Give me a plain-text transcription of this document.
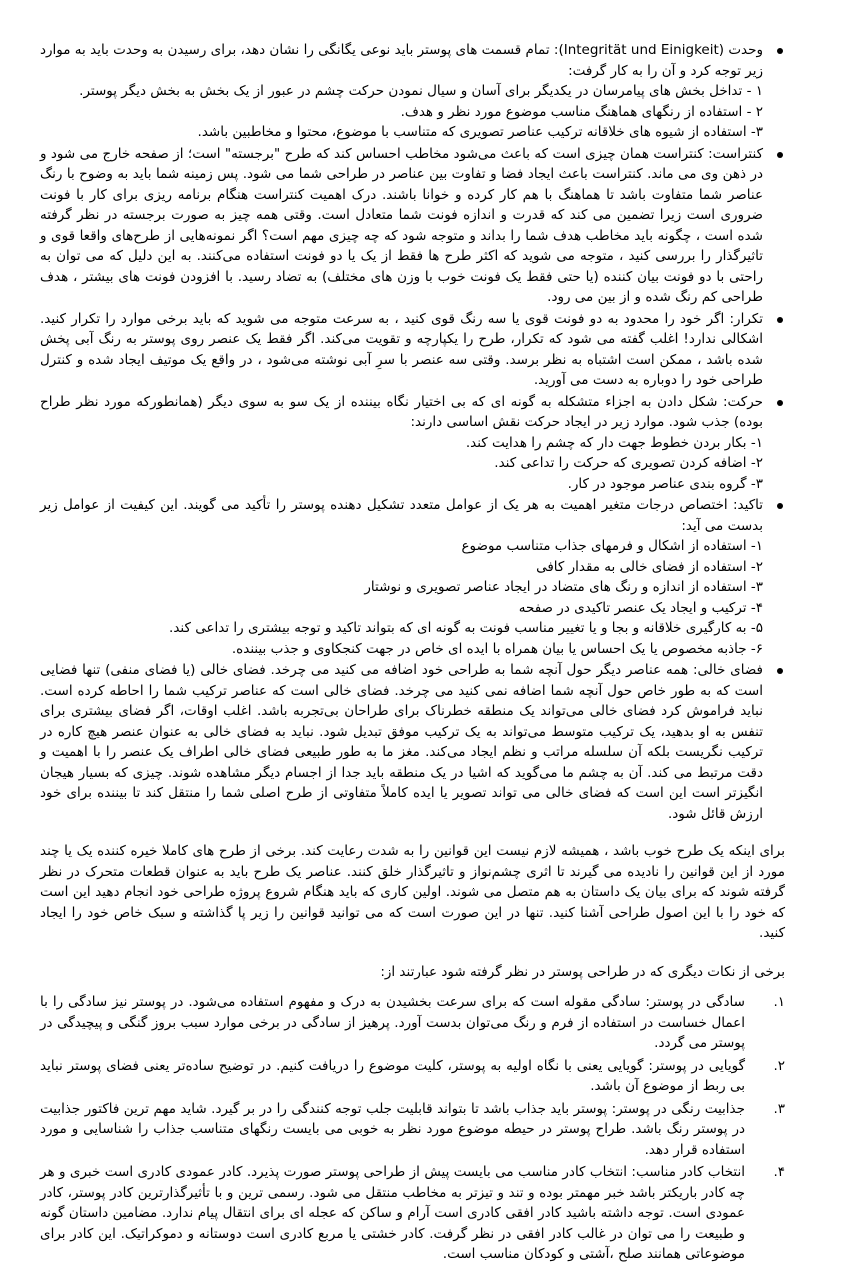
وحدت (Integrität und Einigkeit): تمام قسمت های پوستر باید نوعی یگانگی را نشان دهد، برای رسیدن به وحدت باید به موارد زیر توجه کرد و آن را به کار گرفت:
۱ - تداخل بخش های پیامرسان در یکدیگر برای آسان و سیال نمودن حرکت چشم در عبور از یک بخش به بخش دیگر پوستر.
۲ - استفاده از رنگهای هماهنگ مناسب موضوع مورد نظر و هدف.
۳- استفاده از شیوه های خلاقانه ترکیب عناصر تصویری که متناسب با موضوع، محتوا و مخاطبین باشد.
کنتراست: کنتراست همان چیزی است که باعث می‌شود مخاطب احساس کند که طرح "برجسته" است؛ از صفحه خارج می شود و در ذهن وی می ماند. کنتراست باعث ایجاد فضا و تفاوت بین عناصر در طراحی شما می شود. پس زمینه شما باید به وضوح با رنگ عناصر شما متفاوت باشد تا هماهنگ با هم کار کرده و خوانا باشند. درک اهمیت کنتراست هنگام برنامه ریزی برای کار با فونت ضروری است زیرا تضمین می کند که قدرت و اندازه فونت شما متعادل است. وقتی همه چیز به صورت برجسته در نظر گرفته شده است ، چگونه باید مخاطب هدف شما را بداند و متوجه شود که چه چیزی مهم است؟ اگر نمونه‌هایی از طرح‌های واقعا قوی و تاثیرگذار را بررسی کنید ، متوجه می شوید که اکثر طرح ها فقط از یک یا دو فونت استفاده می‌کنند. به این دلیل که می توان به راحتی با دو فونت بیان کننده (یا حتی فقط یک فونت خوب با وزن های مختلف) به تضاد رسید. با افزودن فونت های بیشتر ، هدف طراحی کم رنگ شده و از بین می رود.
تکرار: اگر خود را محدود به دو فونت قوی یا سه رنگ قوی کنید ، به سرعت متوجه می شوید که باید برخی موارد را تکرار کنید. اشکالی ندارد! اغلب گفته می شود که تکرار، طرح را یکپارچه و تقویت می‌کند. اگر فقط یک عنصر روی پوستر به رنگ آبی پخش شده باشد ، ممکن است اشتباه به نظر برسد. وقتی سه عنصر با سرِ آبی نوشته می‌شود ، در واقع یک موتیف ایجاد شده و کنترل طراحی خود را دوباره به دست می آورید.
حرکت: شکل دادن به اجزاء متشکله به گونه ای که بی اختیار نگاه بیننده از یک سو به سوی دیگر (همانطورکه مورد نظر طراح بوده) جذب شود. موارد زیر در ایجاد حرکت نقش اساسی دارند:
۱- بکار بردن خطوط جهت دار که چشم را هدایت کند.
۲- اضافه کردن تصویری که حرکت را تداعی کند.
۳- گروه بندی عناصر موجود در کار.
تاکید: اختصاص درجات متغیر اهمیت به هر یک از عوامل متعدد تشکیل دهنده پوستر را تأکید می گویند. این کیفیت از عوامل زیر بدست می آید:
۱- استفاده از اشکال و فرمهای جذاب متناسب موضوع
۲- استفاده از فضای خالی به مقدار کافی
۳- استفاده از اندازه و رنگ های متضاد در ایجاد عناصر تصویری و نوشتار
۴- ترکیب و ایجاد یک عنصر تاکیدی در صفحه
۵- به کارگیری خلاقانه و بجا و یا تغییر مناسب فونت به گونه ای که بتواند تاکید و توجه بیشتری را تداعی کند.
۶- جاذبه مخصوص یا یک احساس یا بیان همراه با ایده ای خاص در جهت کنجکاوی و جذب بیننده.
فضای خالی: همه عناصر دیگر حول آنچه شما به طراحی خود اضافه می کنید می چرخد. فضای خالی (یا فضای منفی) تنها فضایی است که به طور خاص حول آنچه شما اضافه نمی کنید می چرخد. فضای خالی است که عناصر ترکیب شما را احاطه کرده است. نباید فراموش کرد فضای خالی می‌تواند یک منطقه خطرناک برای طراحان بی‌تجربه باشد. اغلب اوقات، اگر فضای بیشتری برای تنفس به او بدهید، یک ترکیب متوسط می‌تواند به یک ترکیب موفق تبدیل شود. نباید به فضای خالی به عنوان عنصر هیچ کاره در ترکیب نگریست بلکه آن سلسله مراتب و نظم ایجاد می‌کند. مغز ما به طور طبیعی فضای خالی اطراف یک عنصر را با اهمیت و دقت مرتبط می کند. آن به چشم ما می‌گوید که اشیا در یک منطقه باید جدا از اجسام دیگر مشاهده شوند. چیزی که بسیار هیجان انگیزتر است این است که فضای خالی می تواند تصویر یا ایده کاملاً متفاوتی از طرح اصلی شما را منتقل کند تا بیننده برای خود ارزش قائل شود.

برای اینکه یک طرح خوب باشد ، همیشه لازم نیست این قوانین را به شدت رعایت کند. برخی از طرح های کاملا خیره کننده یک یا چند مورد از این قوانین را نادیده می گیرند تا اثری چشم‌نواز و تاثیرگذار خلق کنند. عناصر یک طرح باید به عنوان قطعات متحرک در نظر گرفته شوند که برای بیان یک داستان به هم متصل می شوند. اولین کاری که باید هنگام شروع پروژه طراحی خود انجام دهید این است که خود را با این اصول طراحی آشنا کنید. تنها در این صورت است که می توانید قوانین را زیر پا گذاشته و سبک خاص خود را ایجاد کنید.

برخی از نکات دیگری که در طراحی پوستر در نظر گرفته شود عبارتند از:

۱.
سادگی در پوستر: سادگی مقوله است که برای سرعت بخشیدن به درک و مفهوم استفاده می‌شود. در پوستر نیز سادگی را با اعمال خساست در استفاده از فرم و رنگ می‌توان بدست آورد. پرهیز از سادگی در برخی موارد سبب بروز گنگی و پیچیدگی در پوستر می گردد.
۲.
گویایی در پوستر: گویایی یعنی با نگاه اولیه به پوستر، کلیت موضوع را دریافت کنیم. در توضیح ساده‌تر یعنی فضای پوستر نباید بی ربط از موضوع آن باشد.
۳.
جذابیت رنگی در پوستر: پوستر باید جذاب باشد تا بتواند قابلیت جلب توجه کنندگی را در بر گیرد. شاید مهم ترین فاکتور جذابیت در پوستر رنگ باشد. طراح پوستر در حیطه موضوع مورد نظر به خوبی می بایست رنگهای متناسب جذاب را شناسایی و مورد استفاده قرار دهد.
۴.
انتخاب کادر مناسب: انتخاب کادر مناسب می بایست پیش از طراحی پوستر صورت پذیرد. کادر عمودی کادری است خبری و هر چه کادر باریکتر باشد خبر مهمتر بوده و تند و تیزتر به مخاطب منتقل می شود. رسمی ترین و با تأثیرگذارترین کادر پوستر، کادر عمودی است. توجه داشته باشید کادر افقی کادری است آرام و ساکن که عجله ای برای انتقال پیام ندارد. مضامین داستان گونه و طبیعت را می توان در غالب کادر افقی در نظر گرفت. کادر خشتی یا مربع کادری است دوستانه و دموکراتیک. این کادر برای موضوعاتی همانند صلح ،آشتی و کودکان مناسب است.
